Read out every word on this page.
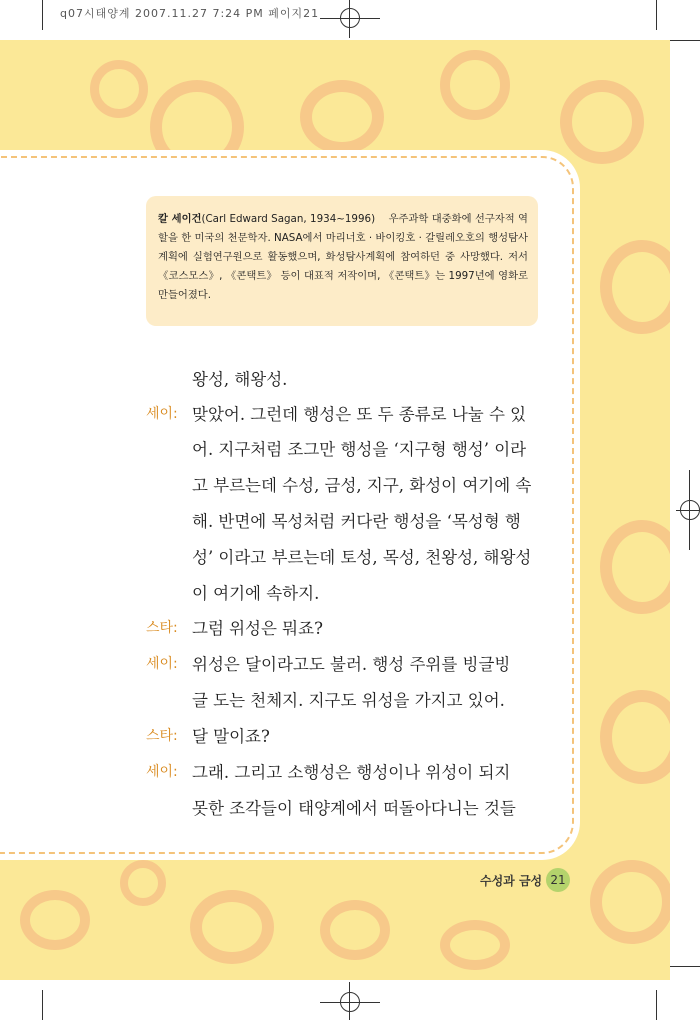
q07시태양계 2007.11.27 7:24 PM 페이지21
칼 세이건(Carl Edward Sagan, 1934~1996) 우주과학 대중화에 선구자적 역할을 한 미국의 천문학자. NASA에서 마리너호 · 바이킹호 · 갈릴레오호의 행성탐사 계획에 실험연구원으로 활동했으며, 화성탐사계획에 참여하던 중 사망했다. 저서 《코스모스》, 《콘택트》 등이 대표적 저작이며, 《콘택트》는 1997년에 영화로 만들어졌다.
왕성, 해왕성.
세이: 맞았어. 그런데 행성은 또 두 종류로 나눌 수 있
어. 지구처럼 조그만 행성을 ‘지구형 행성’ 이라
고 부르는데 수성, 금성, 지구, 화성이 여기에 속
해. 반면에 목성처럼 커다란 행성을 ‘목성형 행
성’ 이라고 부르는데 토성, 목성, 천왕성, 해왕성
이 여기에 속하지.
스타: 그럼 위성은 뭐죠?
세이: 위성은 달이라고도 불러. 행성 주위를 빙글빙
글 도는 천체지. 지구도 위성을 가지고 있어.
스타: 달 말이죠?
세이: 그래. 그리고 소행성은 행성이나 위성이 되지
못한 조각들이 태양계에서 떠돌아다니는 것들
수성과 금성 21
